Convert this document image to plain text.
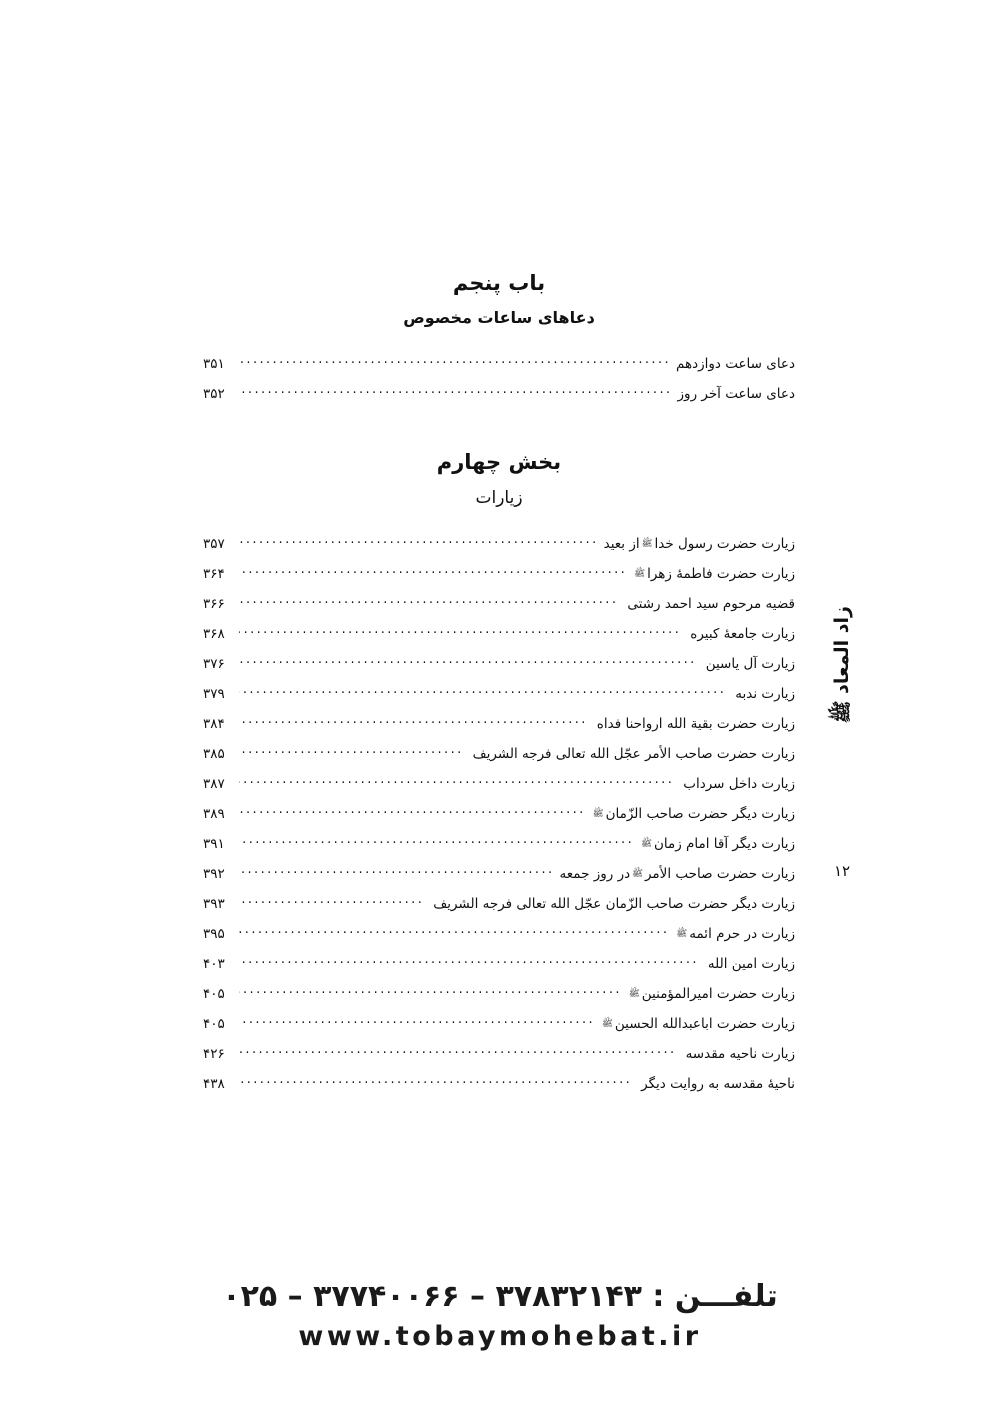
باب پنجم
دعاهای ساعات مخصوص
دعای ساعت دوازدهم
.....
۳۵۱
دعای ساعت آخر روز
.....
۳۵۲
بخش چهارم
زیارات
زیارت حضرت رسول خداﷺاز بعید
.....
۳۵۷
زیارت حضرت فاطمهٔ زهراﷺ
.....
۳۶۴
قضیه مرحوم سید احمد رشتی
.....
۳۶۶
زیارت جامعهٔ کبیره
.....
۳۶۸
زیارت آل یاسین
.....
۳۷۶
زیارت ندبه
.....
۳۷۹
زیارت حضرت بقیة الله ارواحنا فداه
.....
۳۸۴
زیارت حضرت صاحب الأمر عجّل الله تعالی فرجه الشریف
.....
۳۸۵
زیارت داخل سرداب
.....
۳۸۷
زیارت دیگر حضرت صاحب الزّمانﷺ
.....
۳۸۹
زیارت دیگر آقا امام زمانﷺ
.....
۳۹۱
زیارت حضرت صاحب الأمرﷺدر روز جمعه
.....
۳۹۲
زیارت دیگر حضرت صاحب الزّمان عجّل الله تعالی فرجه الشریف
.....
۳۹۳
زیارت در حرم ائمهﷺ
.....
۳۹۵
زیارت امین الله
.....
۴۰۳
زیارت حضرت امیرالمؤمنینﷺ
.....
۴۰۵
زیارت حضرت اباعبدالله الحسینﷺ
.....
۴۰۵
زیارت ناحیه مقدسه
.....
۴۲۶
ناحیهٔ مقدسه به روایت دیگر
.....
۴۳۸
زاد المعاد ﷺ
۱۲
تلفـــن : ۳۷۸۳۲۱۴۳ – ۳۷۷۴۰۰۶۶ – ۰۲۵
www.tobaymohebat.ir
